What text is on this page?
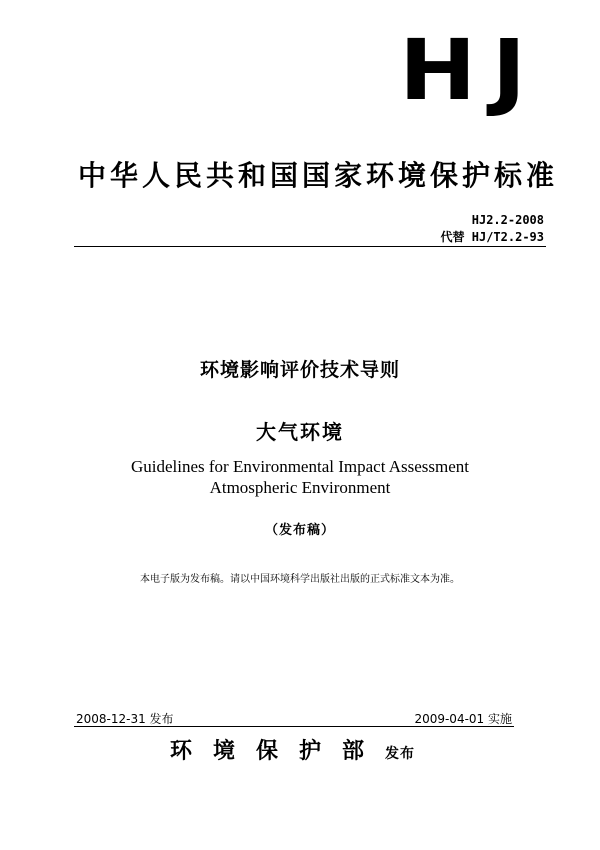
HJ
中华人民共和国国家环境保护标准
HJ2.2-2008
代替 HJ/T2.2-93
环境影响评价技术导则
大气环境
Guidelines for Environmental Impact Assessment
Atmospheric Environment
（发布稿）
本电子版为发布稿。请以中国环境科学出版社出版的正式标准文本为准。
2008-12-31 发布	2009-04-01 实施
环境保护部发布
